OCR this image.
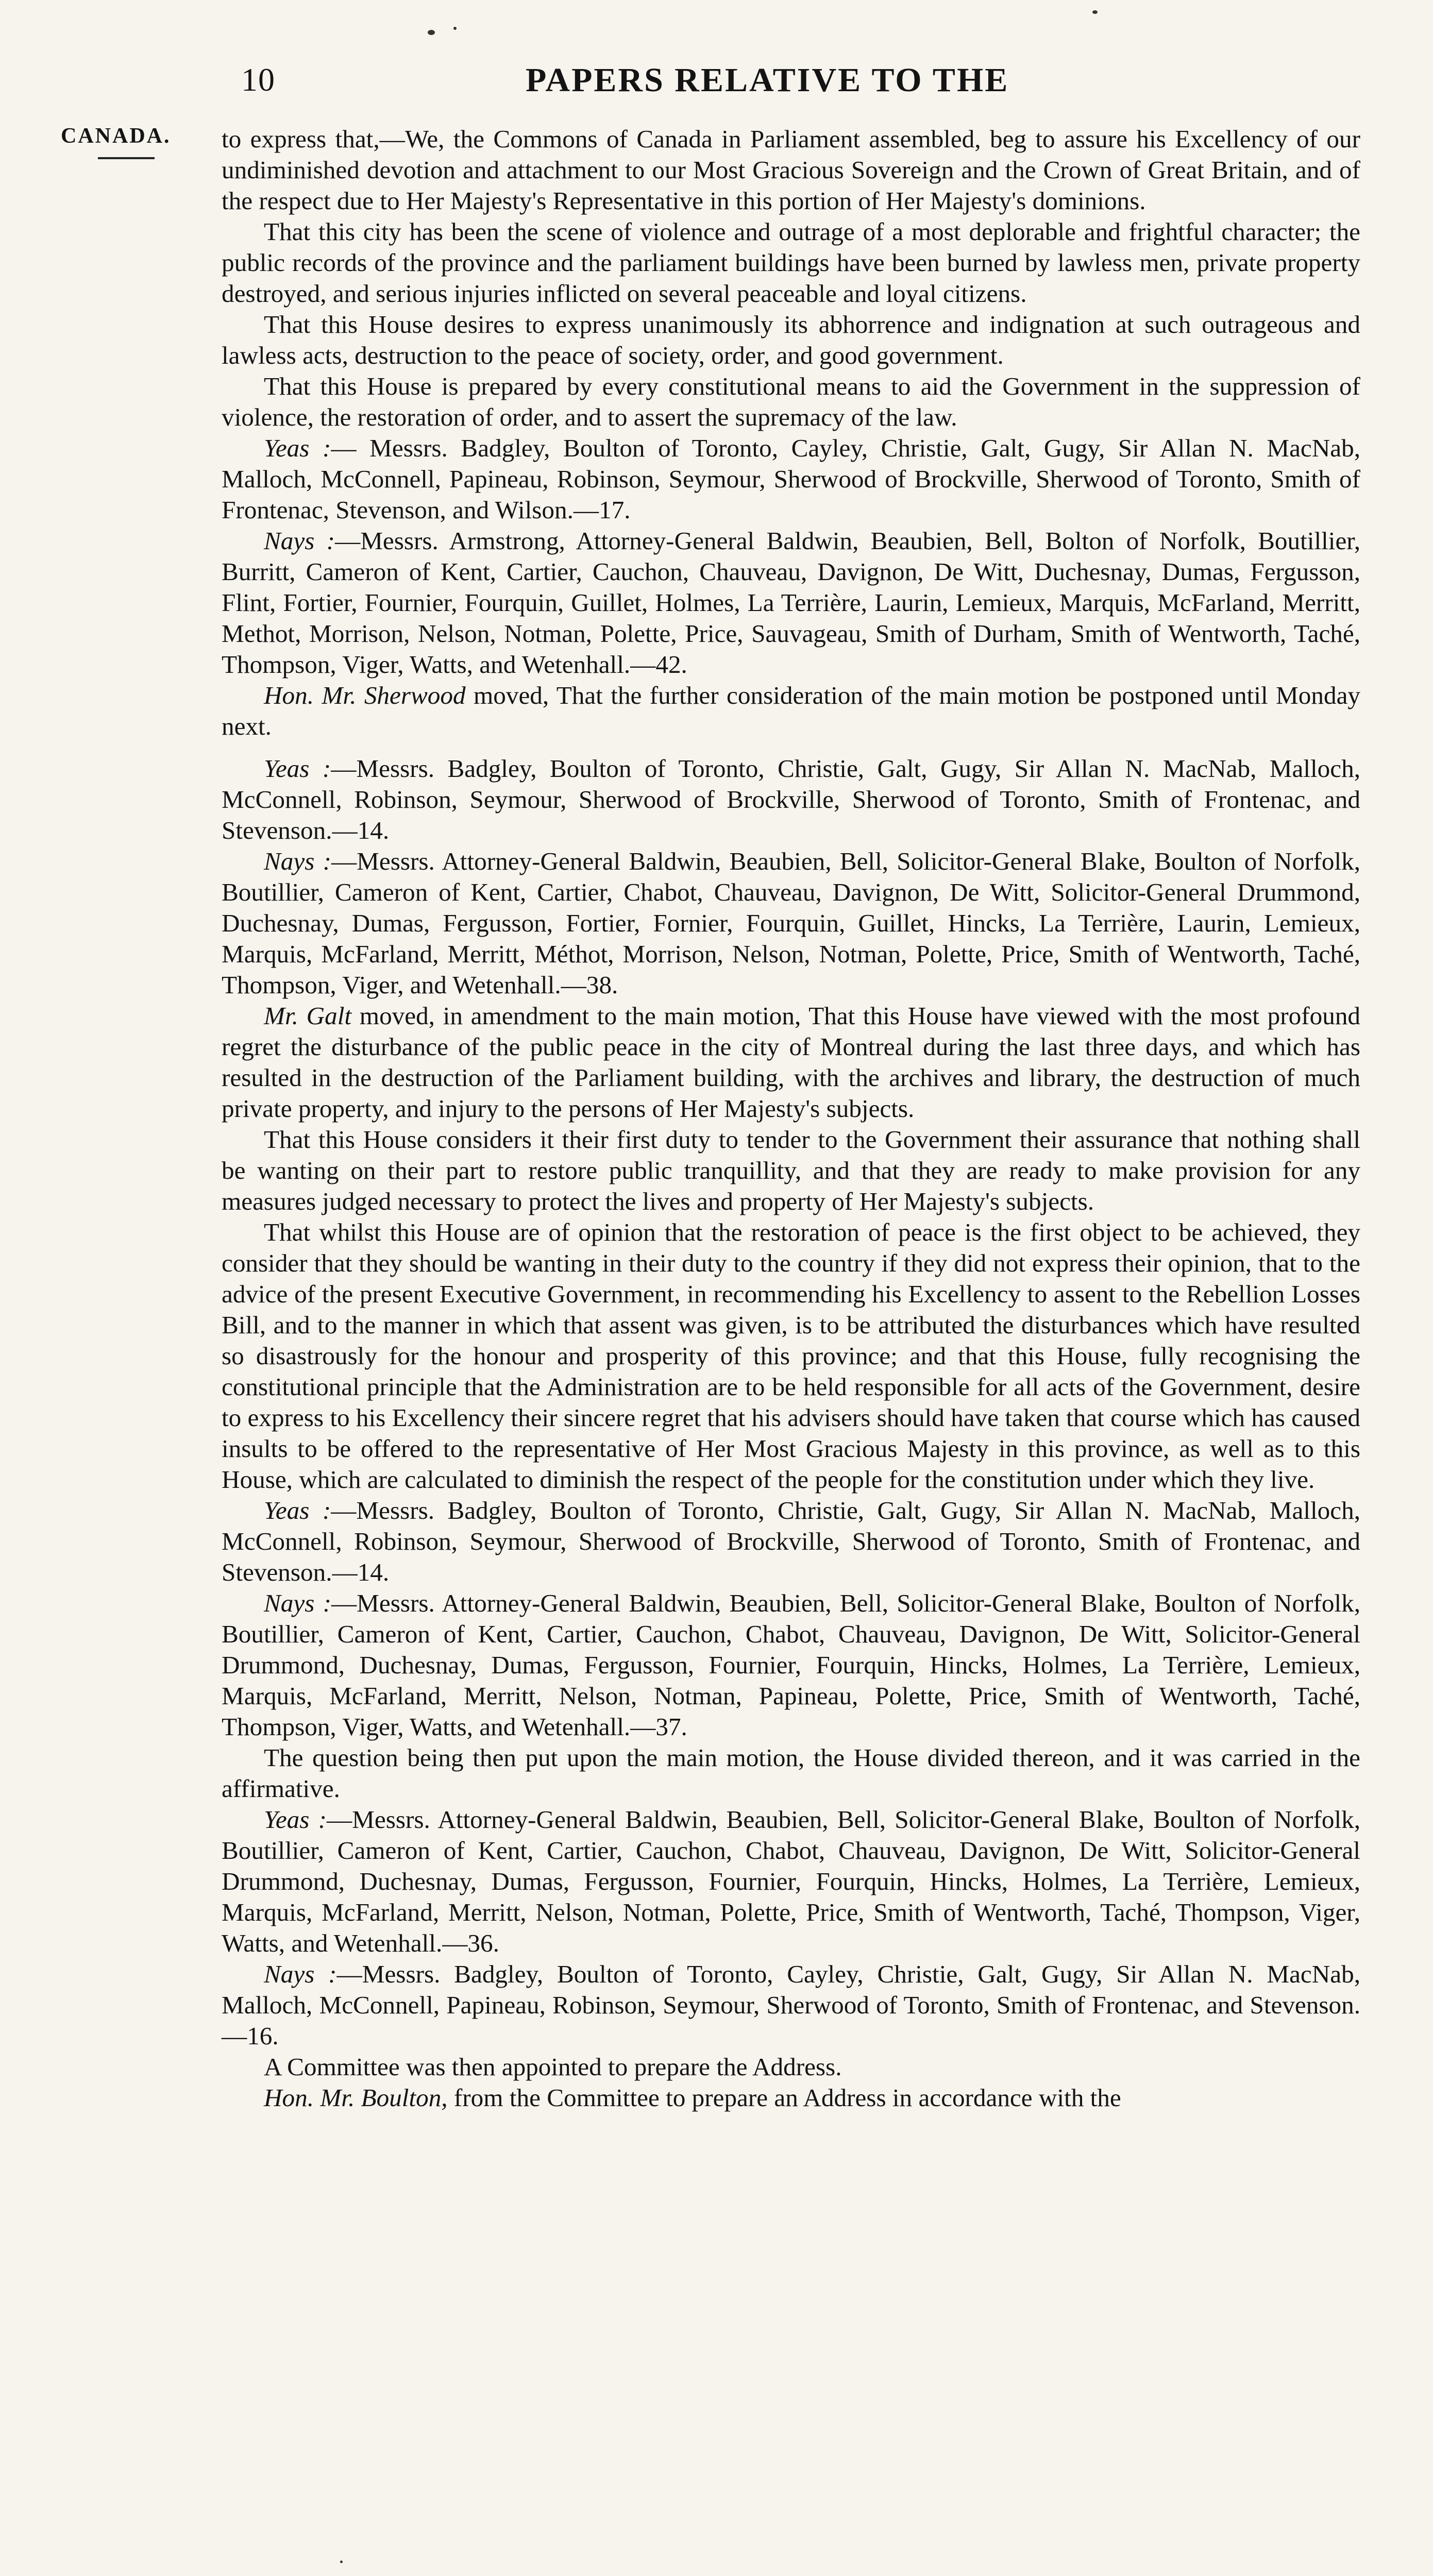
10	PAPERS RELATIVE TO THE
CANADA. to express that,—We, the Commons of Canada in Parliament assembled, beg to assure his Excellency of our undiminished devotion and attachment to our Most Gracious Sovereign and the Crown of Great Britain, and of the respect due to Her Majesty's Representative in this portion of Her Majesty's dominions.

That this city has been the scene of violence and outrage of a most deplorable and frightful character; the public records of the province and the parliament buildings have been burned by lawless men, private property destroyed, and serious injuries inflicted on several peaceable and loyal citizens.

That this House desires to express unanimously its abhorrence and indignation at such outrageous and lawless acts, destruction to the peace of society, order, and good government.

That this House is prepared by every constitutional means to aid the Government in the suppression of violence, the restoration of order, and to assert the supremacy of the law.

Yeas :— Messrs. Badgley, Boulton of Toronto, Cayley, Christie, Galt, Gugy, Sir Allan N. MacNab, Malloch, McConnell, Papineau, Robinson, Seymour, Sherwood of Brockville, Sherwood of Toronto, Smith of Frontenac, Stevenson, and Wilson.—17.

Nays :—Messrs. Armstrong, Attorney-General Baldwin, Beaubien, Bell, Bolton of Norfolk, Boutillier, Burritt, Cameron of Kent, Cartier, Cauchon, Chauveau, Davignon, De Witt, Duchesnay, Dumas, Fergusson, Flint, Fortier, Fournier, Fourquin, Guillet, Holmes, La Terrière, Laurin, Lemieux, Marquis, McFarland, Merritt, Methot, Morrison, Nelson, Notman, Polette, Price, Sauvageau, Smith of Durham, Smith of Wentworth, Taché, Thompson, Viger, Watts, and Wetenhall.—42.

Hon. Mr. Sherwood moved, That the further consideration of the main motion be postponed until Monday next.

Yeas :—Messrs. Badgley, Boulton of Toronto, Christie, Galt, Gugy, Sir Allan N. MacNab, Malloch, McConnell, Robinson, Seymour, Sherwood of Brockville, Sherwood of Toronto, Smith of Frontenac, and Stevenson.—14.

Nays :—Messrs. Attorney-General Baldwin, Beaubien, Bell, Solicitor-General Blake, Boulton of Norfolk, Boutillier, Cameron of Kent, Cartier, Chabot, Chauveau, Davignon, De Witt, Solicitor-General Drummond, Duchesnay, Dumas, Fergusson, Fortier, Fornier, Fourquin, Guillet, Hincks, La Terrière, Laurin, Lemieux, Marquis, McFarland, Merritt, Méthot, Morrison, Nelson, Notman, Polette, Price, Smith of Wentworth, Taché, Thompson, Viger, and Wetenhall.—38.

Mr. Galt moved, in amendment to the main motion, That this House have viewed with the most profound regret the disturbance of the public peace in the city of Montreal during the last three days, and which has resulted in the destruction of the Parliament building, with the archives and library, the destruction of much private property, and injury to the persons of Her Majesty's subjects.

That this House considers it their first duty to tender to the Government their assurance that nothing shall be wanting on their part to restore public tranquillity, and that they are ready to make provision for any measures judged necessary to protect the lives and property of Her Majesty's subjects.

That whilst this House are of opinion that the restoration of peace is the first object to be achieved, they consider that they should be wanting in their duty to the country if they did not express their opinion, that to the advice of the present Executive Government, in recommending his Excellency to assent to the Rebellion Losses Bill, and to the manner in which that assent was given, is to be attributed the disturbances which have resulted so disastrously for the honour and prosperity of this province; and that this House, fully recognising the constitutional principle that the Administration are to be held responsible for all acts of the Government, desire to express to his Excellency their sincere regret that his advisers should have taken that course which has caused insults to be offered to the representative of Her Most Gracious Majesty in this province, as well as to this House, which are calculated to diminish the respect of the people for the constitution under which they live.

Yeas :—Messrs. Badgley, Boulton of Toronto, Christie, Galt, Gugy, Sir Allan N. MacNab, Malloch, McConnell, Robinson, Seymour, Sherwood of Brockville, Sherwood of Toronto, Smith of Frontenac, and Stevenson.—14.

Nays :—Messrs. Attorney-General Baldwin, Beaubien, Bell, Solicitor-General Blake, Boulton of Norfolk, Boutillier, Cameron of Kent, Cartier, Cauchon, Chabot, Chauveau, Davignon, De Witt, Solicitor-General Drummond, Duchesnay, Dumas, Fergusson, Fournier, Fourquin, Hincks, Holmes, La Terrière, Lemieux, Marquis, McFarland, Merritt, Nelson, Notman, Papineau, Polette, Price, Smith of Wentworth, Taché, Thompson, Viger, Watts, and Wetenhall.—37.

The question being then put upon the main motion, the House divided thereon, and it was carried in the affirmative.

Yeas :—Messrs. Attorney-General Baldwin, Beaubien, Bell, Solicitor-General Blake, Boulton of Norfolk, Boutillier, Cameron of Kent, Cartier, Cauchon, Chabot, Chauveau, Davignon, De Witt, Solicitor-General Drummond, Duchesnay, Dumas, Fergusson, Fournier, Fourquin, Hincks, Holmes, La Terrière, Lemieux, Marquis, McFarland, Merritt, Nelson, Notman, Polette, Price, Smith of Wentworth, Taché, Thompson, Viger, Watts, and Wetenhall.—36.

Nays :—Messrs. Badgley, Boulton of Toronto, Cayley, Christie, Galt, Gugy, Sir Allan N. MacNab, Malloch, McConnell, Papineau, Robinson, Seymour, Sherwood of Toronto, Smith of Frontenac, and Stevenson.—16.

A Committee was then appointed to prepare the Address.

Hon. Mr. Boulton, from the Committee to prepare an Address in accordance with the
